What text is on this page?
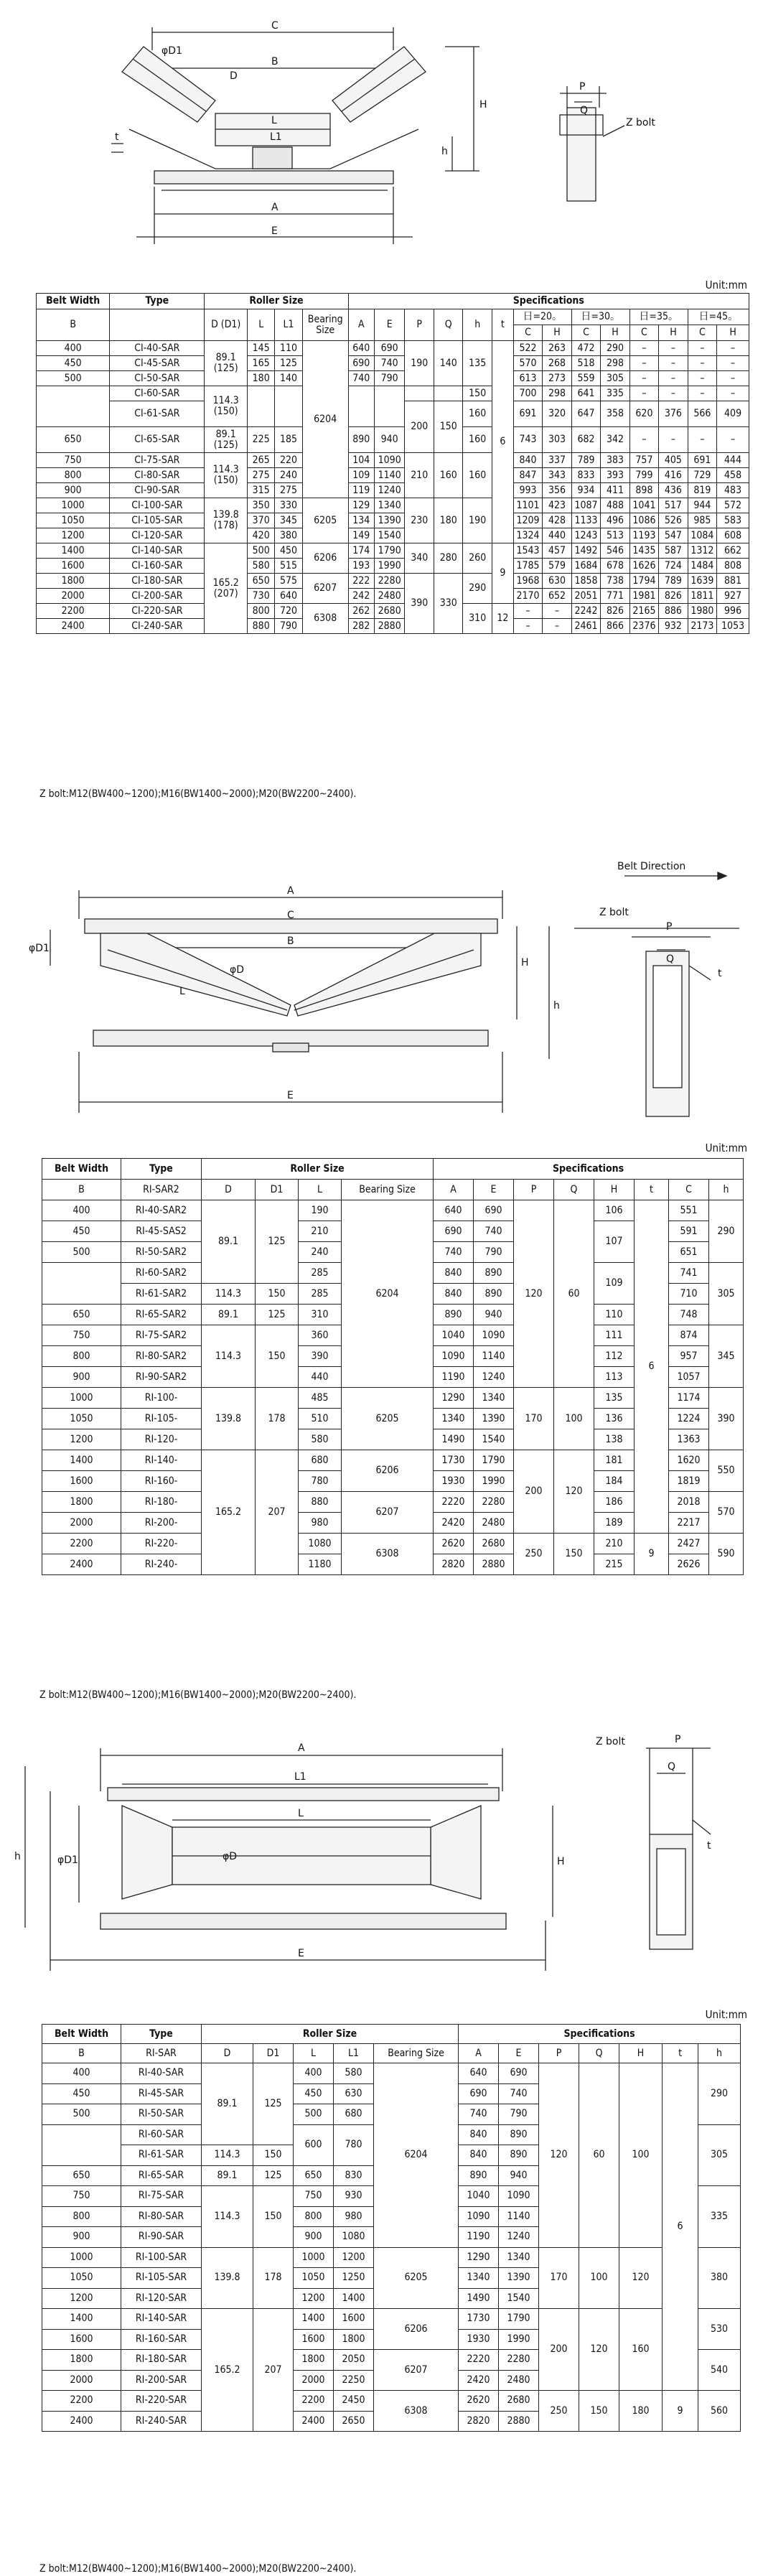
C
B
φD1
D
L
L1
H
h
t
A
E
P
Q
Z bolt
Unit:mm
Belt Width	Type	Roller Size				Specifications													
B		D (D1)	L	L1	Bearing Size	A	E	P	Q	h	t	日=20。		日=30。		日=35。		日=45。	
												C	H	C	H	C	H	C	H
400	CI-40-SAR	89.1 (125)	145	110	6204	640	690	190	140	135	6	522	263	472	290	–	–	–	–
450	CI-45-SAR		165	125		690	740					570	268	518	298	–	–	–	–
500	CI-50-SAR		180	140		740	790					613	273	559	305	–	–	–	–
	CI-60-SAR	114.3 (150)								150		700	298	641	335	–	–	–	–
	CI-61-SAR							200	150	160		691	320	647	358	620	376	566	409
650	CI-65-SAR	89.1 (125)	225	185		890	940			160		743	303	682	342	–	–	–	–
750	CI-75-SAR	114.3 (150)	265	220		104	1090	210	160	160		840	337	789	383	757	405	691	444
800	CI-80-SAR		275	240		109	1140					847	343	833	393	799	416	729	458
900	CI-90-SAR		315	275		119	1240					993	356	934	411	898	436	819	483
1000	CI-100-SAR	139.8 (178)	350	330	6205	129	1340	230	180	190		1101	423	1087	488	1041	517	944	572
1050	CI-105-SAR		370	345		134	1390					1209	428	1133	496	1086	526	985	583
1200	CI-120-SAR		420	380		149	1540					1324	440	1243	513	1193	547	1084	608
1400	CI-140-SAR	165.2 (207)	500	450	6206	174	1790	340	280	260	9	1543	457	1492	546	1435	587	1312	662
1600	CI-160-SAR		580	515		193	1990					1785	579	1684	678	1626	724	1484	808
1800	CI-180-SAR		650	575	6207	222	2280	390	330	290		1968	630	1858	738	1794	789	1639	881
2000	CI-200-SAR		730	640		242	2480					2170	652	2051	771	1981	826	1811	927
2200	CI-220-SAR		800	720	6308	262	2680			310	12	–	–	2242	826	2165	886	1980	996
2400	CI-240-SAR		880	790		282	2880					–	–	2461	866	2376	932	2173	1053
Z bolt:M12(BW400~1200);M16(BW1400~2000);M20(BW2200~2400).
A
C
B
φD
φD1
L
H
h
E
Belt Direction
P
Q
Z bolt
t
Unit:mm
Belt Width	Type	Roller Size				Specifications							
B	RI-SAR2	D	D1	L	Bearing Size	A	E	P	Q	H	t	C	h
400	RI-40-SAR2	89.1	125	190	6204	640	690	120	60	106	6	551	290
450	RI-45-SAS2			210		690	740			107		591	
500	RI-50-SAR2			240		740	790					651	
	RI-60-SAR2			285		840	890			109		741	305
	RI-61-SAR2	114.3	150	285		840	890					710	
650	RI-65-SAR2	89.1	125	310		890	940			110		748	
750	RI-75-SAR2	114.3	150	360		1040	1090			111		874	345
800	RI-80-SAR2			390		1090	1140			112		957	
900	RI-90-SAR2			440		1190	1240			113		1057	
1000	RI-100-	139.8	178	485	6205	1290	1340	170	100	135		1174	390
1050	RI-105-			510		1340	1390			136		1224	
1200	RI-120-			580		1490	1540			138		1363	
1400	RI-140-	165.2	207	680	6206	1730	1790	200	120	181		1620	550
1600	RI-160-			780		1930	1990			184		1819	
1800	RI-180-			880	6207	2220	2280			186		2018	570
2000	RI-200-			980		2420	2480			189		2217	
2200	RI-220-			1080	6308	2620	2680	250	150	210	9	2427	590
2400	RI-240-			1180		2820	2880			215		2626	
Z bolt:M12(BW400~1200);M16(BW1400~2000);M20(BW2200~2400).
A
L1
L
φD
φD1	H
h
E
P
Q
Z bolt
t
Unit:mm
Belt Width	Type	Roller Size					Specifications						
B	RI-SAR	D	D1	L	L1	Bearing Size	A	E	P	Q	H	t	h
400	RI-40-SAR	89.1	125	400	580	6204	640	690	120	60	100	6	290
450	RI-45-SAR			450	630		690	740					
500	RI-50-SAR			500	680		740	790					
	RI-60-SAR			600	780		840	890					305
	RI-61-SAR	114.3	150				840	890					
650	RI-65-SAR	89.1	125	650	830		890	940					
750	RI-75-SAR	114.3	150	750	930		1040	1090					335
800	RI-80-SAR			800	980		1090	1140					
900	RI-90-SAR			900	1080		1190	1240					
1000	RI-100-SAR	139.8	178	1000	1200	6205	1290	1340	170	100	120		380
1050	RI-105-SAR			1050	1250		1340	1390					
1200	RI-120-SAR			1200	1400		1490	1540					
1400	RI-140-SAR	165.2	207	1400	1600	6206	1730	1790	200	120	160		530
1600	RI-160-SAR			1600	1800		1930	1990					
1800	RI-180-SAR			1800	2050	6207	2220	2280					540
2000	RI-200-SAR			2000	2250		2420	2480					
2200	RI-220-SAR			2200	2450	6308	2620	2680	250	150	180	9	560
2400	RI-240-SAR			2400	2650		2820	2880					
Z bolt:M12(BW400~1200);M16(BW1400~2000);M20(BW2200~2400).
